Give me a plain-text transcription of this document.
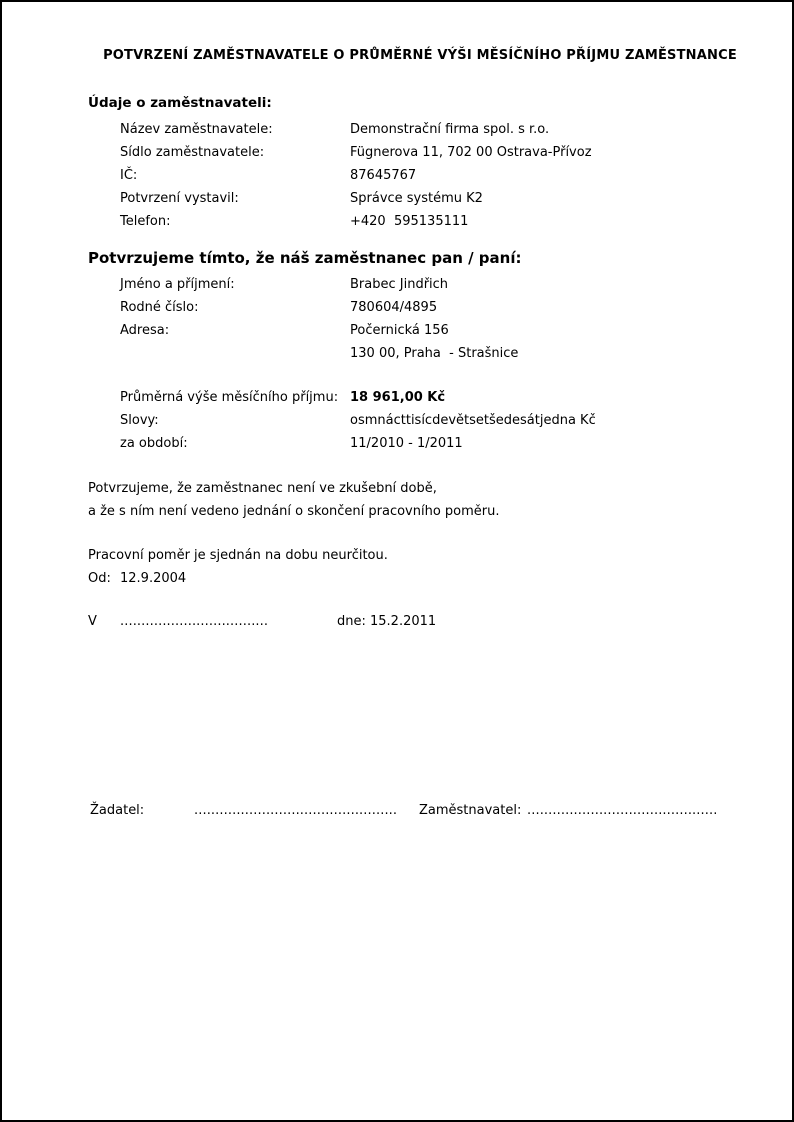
POTVRZENÍ ZAMĚSTNAVATELE O PRŮMĚRNÉ VÝŠI MĚSÍČNÍHO PŘÍJMU ZAMĚSTNANCE
Údaje o zaměstnavateli:
Název zaměstnavatele:	Demonstrační firma spol. s r.o.
Sídlo zaměstnavatele:	Fügnerova 11, 702 00 Ostrava-Přívoz
IČ:	87645767
Potvrzení vystavil:	Správce systému K2
Telefon:	+420  595135111
Potvrzujeme tímto, že náš zaměstnanec pan / paní:
Jméno a příjmení:	Brabec Jindřich
Rodné číslo:	780604/4895
Adresa:	Počernická 156
130 00, Praha  - Strašnice
Průměrná výše měsíčního příjmu: 18 961,00 Kč
Slovy:	osmnácttisícdevětsetšedesátjedna Kč
za období:	11/2010 - 1/2011
Potvrzujeme, že zaměstnanec není ve zkušební době,
a že s ním není vedeno jednání o skončení pracovního poměru.
Pracovní poměr je sjednán na dobu neurčitou.
Od: 12.9.2004
V	...................................	dne: 15.2.2011
Žadatel:	................................................	Zaměstnavatel: .............................................
